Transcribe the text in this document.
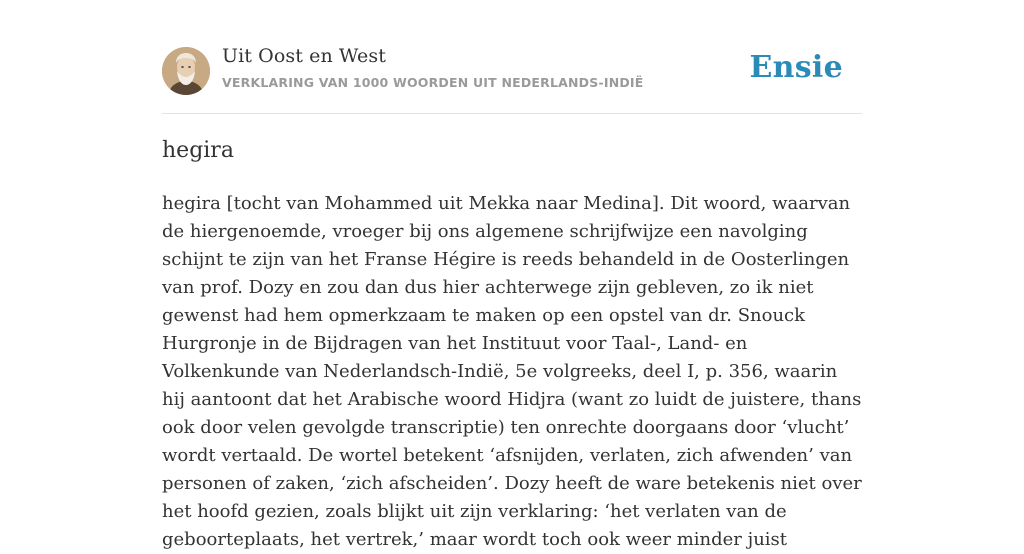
Uit Oost en West
VERKLARING VAN 1000 WOORDEN UIT NEDERLANDS-INDIË	Ensie
hegira

hegira [tocht van Mohammed uit Mekka naar Medina]. Dit woord, waarvan de hiergenoemde, vroeger bij ons algemene schrijfwijze een navolging schijnt te zijn van het Franse Hégire is reeds behandeld in de Oosterlingen van prof. Dozy en zou dan dus hier achterwege zijn gebleven, zo ik niet gewenst had hem opmerkzaam te maken op een opstel van dr. Snouck Hurgronje in de Bijdragen van het Instituut voor Taal-, Land- en Volkenkunde van Nederlandsch-Indië, 5e volgreeks, deel I, p. 356, waarin hij aantoont dat het Arabische woord Hidjra (want zo luidt de juistere, thans ook door velen gevolgde transcriptie) ten onrechte doorgaans door ‘vlucht’ wordt vertaald. De wortel betekent ‘afsnijden, verlaten, zich afwenden’ van personen of zaken, ‘zich afscheiden’. Dozy heeft de ware betekenis niet over het hoofd gezien, zoals blijkt uit zijn verklaring: ‘het verlaten van de geboorteplaats, het vertrek,’ maar wordt toch ook weer minder juist
